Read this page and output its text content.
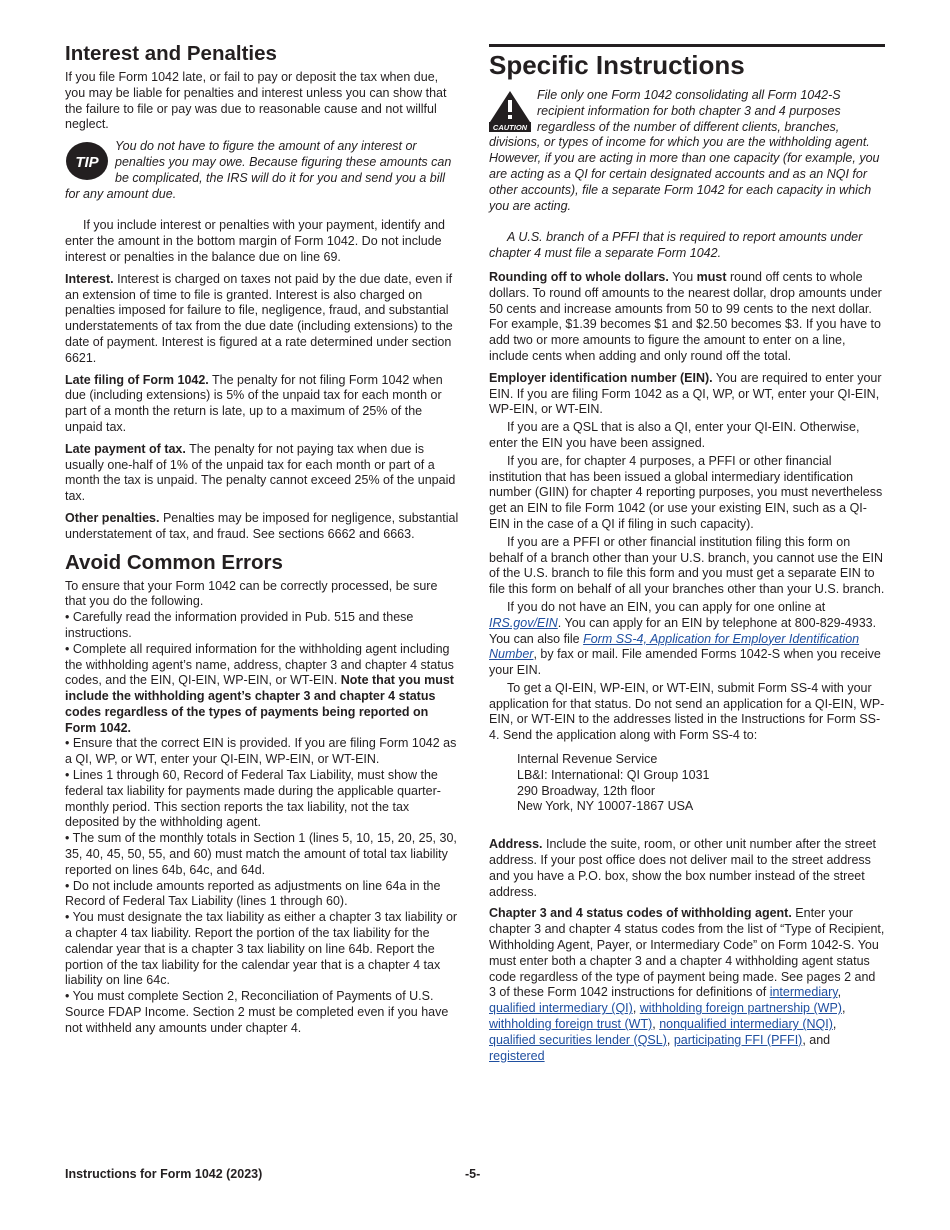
Interest and Penalties

If you file Form 1042 late, or fail to pay or deposit the tax when due, you may be liable for penalties and interest unless you can show that the failure to file or pay was due to reasonable cause and not willful neglect.

TIP
You do not have to figure the amount of any interest or penalties you may owe. Because figuring these amounts can be complicated, the IRS will do it for you and send you a bill for any amount due.

If you include interest or penalties with your payment, identify and enter the amount in the bottom margin of Form 1042. Do not include interest or penalties in the balance due on line 69.

Interest. Interest is charged on taxes not paid by the due date, even if an extension of time to file is granted. Interest is also charged on penalties imposed for failure to file, negligence, fraud, and substantial understatements of tax from the due date (including extensions) to the date of payment. Interest is figured at a rate determined under section 6621.

Late filing of Form 1042. The penalty for not filing Form 1042 when due (including extensions) is 5% of the unpaid tax for each month or part of a month the return is late, up to a maximum of 25% of the unpaid tax.

Late payment of tax. The penalty for not paying tax when due is usually one-half of 1% of the unpaid tax for each month or part of a month the tax is unpaid. The penalty cannot exceed 25% of the unpaid tax.

Other penalties. Penalties may be imposed for negligence, substantial understatement of tax, and fraud. See sections 6662 and 6663.

Avoid Common Errors

To ensure that your Form 1042 can be correctly processed, be sure that you do the following.

• Carefully read the information provided in Pub. 515 and these instructions.

• Complete all required information for the withholding agent including the withholding agent’s name, address, chapter 3 and chapter 4 status codes, and the EIN, QI-EIN, WP-EIN, or WT-EIN. Note that you must include the withholding agent’s chapter 3 and chapter 4 status codes regardless of the types of payments being reported on Form 1042.

• Ensure that the correct EIN is provided. If you are filing Form 1042 as a QI, WP, or WT, enter your QI-EIN, WP-EIN, or WT-EIN.

• Lines 1 through 60, Record of Federal Tax Liability, must show the federal tax liability for payments made during the applicable quarter-monthly period. This section reports the tax liability, not the tax deposited by the withholding agent.

• The sum of the monthly totals in Section 1 (lines 5, 10, 15, 20, 25, 30, 35, 40, 45, 50, 55, and 60) must match the amount of total tax liability reported on lines 64b, 64c, and 64d.

• Do not include amounts reported as adjustments on line 64a in the Record of Federal Tax Liability (lines 1 through 60).

• You must designate the tax liability as either a chapter 3 tax liability or a chapter 4 tax liability. Report the portion of the tax liability for the calendar year that is a chapter 3 tax liability on line 64b. Report the portion of the tax liability for the calendar year that is a chapter 4 tax liability on line 64c.

• You must complete Section 2, Reconciliation of Payments of U.S. Source FDAP Income. Section 2 must be completed even if you have not withheld any amounts under chapter 4.

Specific Instructions
CAUTION
File only one Form 1042 consolidating all Form 1042-S recipient information for both chapter 3 and 4 purposes regardless of the number of different clients, branches, divisions, or types of income for which you are the withholding agent. However, if you are acting in more than one capacity (for example, you are acting as a QI for certain designated accounts and as an NQI for other accounts), file a separate Form 1042 for each capacity in which you are acting.

A U.S. branch of a PFFI that is required to report amounts under chapter 4 must file a separate Form 1042.

Rounding off to whole dollars. You must round off cents to whole dollars. To round off amounts to the nearest dollar, drop amounts under 50 cents and increase amounts from 50 to 99 cents to the next dollar. For example, $1.39 becomes $1 and $2.50 becomes $3. If you have to add two or more amounts to figure the amount to enter on a line, include cents when adding and only round off the total.

Employer identification number (EIN). You are required to enter your EIN. If you are filing Form 1042 as a QI, WP, or WT, enter your QI-EIN, WP-EIN, or WT-EIN.

If you are a QSL that is also a QI, enter your QI-EIN. Otherwise, enter the EIN you have been assigned.

If you are, for chapter 4 purposes, a PFFI or other financial institution that has been issued a global intermediary identification number (GIIN) for chapter 4 reporting purposes, you must nevertheless get an EIN to file Form 1042 (or use your existing EIN, such as a QI-EIN in the case of a QI if filing in such capacity).

If you are a PFFI or other financial institution filing this form on behalf of a branch other than your U.S. branch, you cannot use the EIN of the U.S. branch to file this form and you must get a separate EIN to file this form on behalf of all your branches other than your U.S. branch.

If you do not have an EIN, you can apply for one online at IRS.gov/EIN. You can apply for an EIN by telephone at 800-829-4933. You can also file Form SS-4, Application for Employer Identification Number, by fax or mail. File amended Forms 1042-S when you receive your EIN.

To get a QI-EIN, WP-EIN, or WT-EIN, submit Form SS-4 with your application for that status. Do not send an application for a QI-EIN, WP-EIN, or WT-EIN to the addresses listed in the Instructions for Form SS-4. Send the application along with Form SS-4 to:

Internal Revenue Service
LB&I: International: QI Group 1031
290 Broadway, 12th floor
New York, NY 10007-1867 USA

Address. Include the suite, room, or other unit number after the street address. If your post office does not deliver mail to the street address and you have a P.O. box, show the box number instead of the street address.

Chapter 3 and 4 status codes of withholding agent. Enter your chapter 3 and chapter 4 status codes from the list of “Type of Recipient, Withholding Agent, Payer, or Intermediary Code” on Form 1042-S. You must enter both a chapter 3 and a chapter 4 withholding agent status code regardless of the type of payment being made. See pages 2 and 3 of these Form 1042 instructions for definitions of intermediary, qualified intermediary (QI), withholding foreign partnership (WP), withholding foreign trust (WT), nonqualified intermediary (NQI), qualified securities lender (QSL), participating FFI (PFFI), and registered

Instructions for Form 1042 (2023)	-5-
